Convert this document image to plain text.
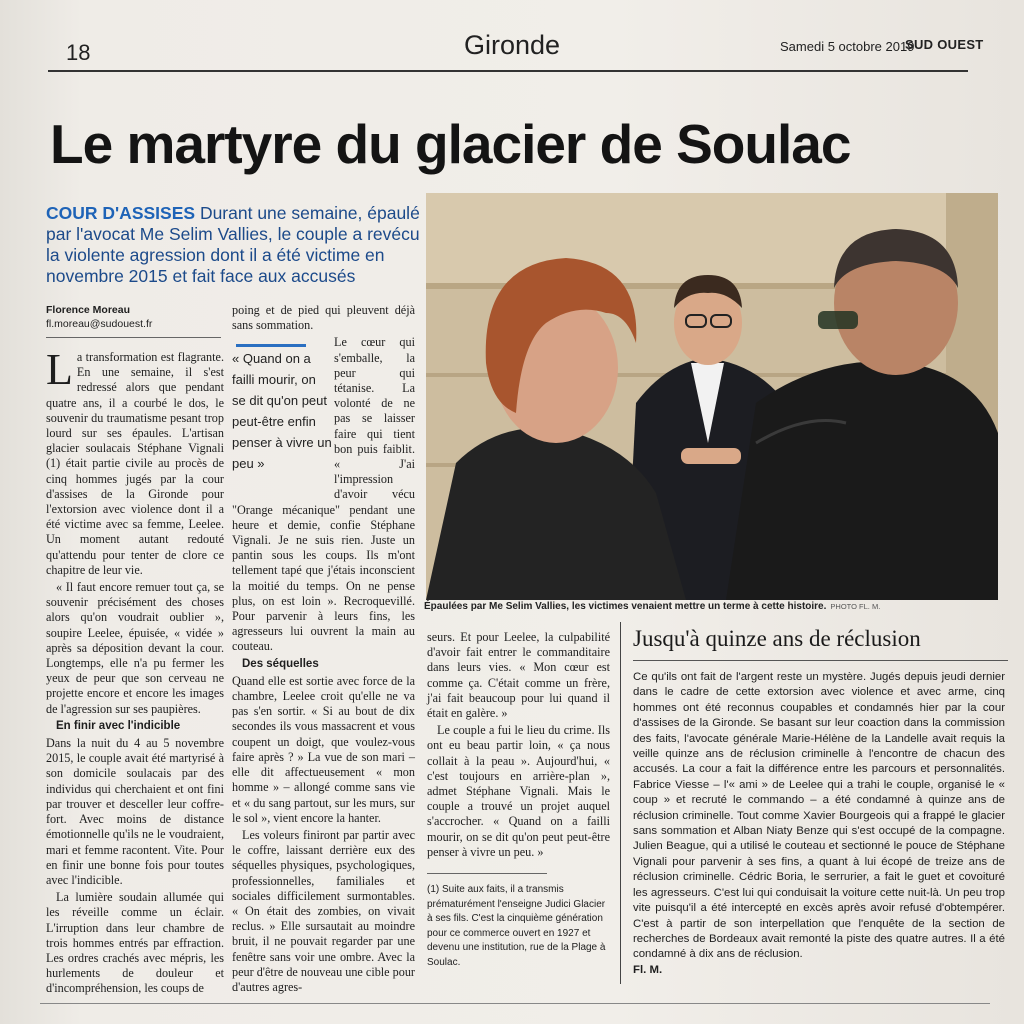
18	Gironde	Samedi 5 octobre 2019
SUD OUEST
Le martyre du glacier de Soulac
COUR D'ASSISES Durant une semaine, épaulé par l'avocat Me Selim Vallies, le couple a revécu la violente agression dont il a été victime en novembre 2015 et fait face aux accusés
Florence Moreau
fl.moreau@sudouest.fr

La transformation est flagrante. En une semaine, il s'est redressé alors que pendant quatre ans, il a courbé le dos, le souvenir du traumatisme pesant trop lourd sur ses épaules. L'artisan glacier soulacais Stéphane Vignali (1) était partie civile au procès de cinq hommes jugés par la cour d'assises de la Gironde pour l'extorsion avec violence dont il a été victime avec sa femme, Leelee. Un moment autant redouté qu'attendu pour tenter de clore ce chapitre de leur vie.

« Il faut encore remuer tout ça, se souvenir précisément des choses alors qu'on voudrait oublier », soupire Leelee, épuisée, « vidée » après sa déposition devant la cour. Longtemps, elle n'a pu fermer les yeux de peur que son cerveau ne projette encore et encore les images de l'agression sur ses paupières.

En finir avec l'indicible

Dans la nuit du 4 au 5 novembre 2015, le couple avait été martyrisé à son domicile soulacais par des individus qui cherchaient et ont fini par trouver et desceller leur coffre-fort. Avec moins de distance émotionnelle qu'ils ne le voudraient, mari et femme racontent. Vite. Pour en finir une bonne fois pour toutes avec l'indicible.

La lumière soudain allumée qui les réveille comme un éclair. L'irruption dans leur chambre de trois hommes entrés par effraction. Les ordres crachés avec mépris, les hurlements de douleur et d'incompréhension, les coups de

poing et de pied qui pleuvent déjà sans sommation.

Le cœur qui s'emballe, la peur qui tétanise. La volonté de ne pas se laisser faire qui tient bon puis faiblit. « J'ai l'impression d'avoir vécu "Orange mécanique" pendant une heure et demie, confie Stéphane Vignali. Je ne suis rien. Juste un pantin sous les coups. Ils m'ont tellement tapé que j'étais inconscient la moitié du temps. On ne pense plus, on est loin ». Recroquevillé. Pour parvenir à leurs fins, les agresseurs lui ouvrent la main au couteau.

Des séquelles

Quand elle est sortie avec force de la chambre, Leelee croit qu'elle ne va pas s'en sortir. « Si au bout de dix secondes ils vous massacrent et vous coupent un doigt, que voulez-vous faire après ? » La vue de son mari – elle dit affectueusement « mon homme » – allongé comme sans vie et « du sang partout, sur les murs, sur le sol », vient encore la hanter.

Les voleurs finiront par partir avec le coffre, laissant derrière eux des séquelles physiques, psychologiques, professionnelles, familiales et sociales difficilement surmontables. « On était des zombies, on vivait reclus. » Elle sursautait au moindre bruit, il ne pouvait regarder par une fenêtre sans voir une ombre. Avec la peur d'être de nouveau une cible pour d'autres agres-

« Quand on a failli mourir, on se dit qu'on peut peut-être enfin penser à vivre un peu »
Épaulées par Me Selim Vallies, les victimes venaient mettre un terme à cette histoire. PHOTO FL. M.

seurs. Et pour Leelee, la culpabilité d'avoir fait entrer le commanditaire dans leurs vies. « Mon cœur est comme ça. C'était comme un frère, j'ai fait beaucoup pour lui quand il était en galère. »

Le couple a fui le lieu du crime. Ils ont eu beau partir loin, « ça nous collait à la peau ». Aujourd'hui, « c'est toujours en arrière-plan », admet Stéphane Vignali. Mais le couple a trouvé un projet auquel s'accrocher. « Quand on a failli mourir, on se dit qu'on peut peut-être penser à vivre un peu. »

(1) Suite aux faits, il a transmis prématurément l'enseigne Judici Glacier à ses fils. C'est la cinquième génération pour ce commerce ouvert en 1927 et devenu une institution, rue de la Plage à Soulac.
Jusqu'à quinze ans de réclusion
Ce qu'ils ont fait de l'argent reste un mystère. Jugés depuis jeudi dernier dans le cadre de cette extorsion avec violence et avec arme, cinq hommes ont été reconnus coupables et condamnés hier par la cour d'assises de la Gironde. Se basant sur leur coaction dans la commission des faits, l'avocate générale Marie-Hélène de la Landelle avait requis la veille quinze ans de réclusion criminelle à l'encontre de chacun des accusés. La cour a fait la différence entre les parcours et personnalités. Fabrice Viesse – l'« ami » de Leelee qui a trahi le couple, organisé le « coup » et recruté le commando – a été condamné à quinze ans de réclusion criminelle. Tout comme Xavier Bourgeois qui a frappé le glacier sans sommation et Alban Niaty Benze qui s'est occupé de la compagne. Julien Beague, qui a utilisé le couteau et sectionné le pouce de Stéphane Vignali pour parvenir à ses fins, a quant à lui écopé de treize ans de réclusion criminelle. Cédric Boria, le serrurier, a fait le guet et covoituré les agresseurs. C'est lui qui conduisait la voiture cette nuit-là. Un peu trop vite puisqu'il a été intercepté en excès après avoir refusé d'obtempérer. C'est à partir de son interpellation que l'enquête de la section de recherches de Bordeaux avait remonté la piste des quatre autres. Il a été condamné à dix ans de réclusion.
Fl. M.
